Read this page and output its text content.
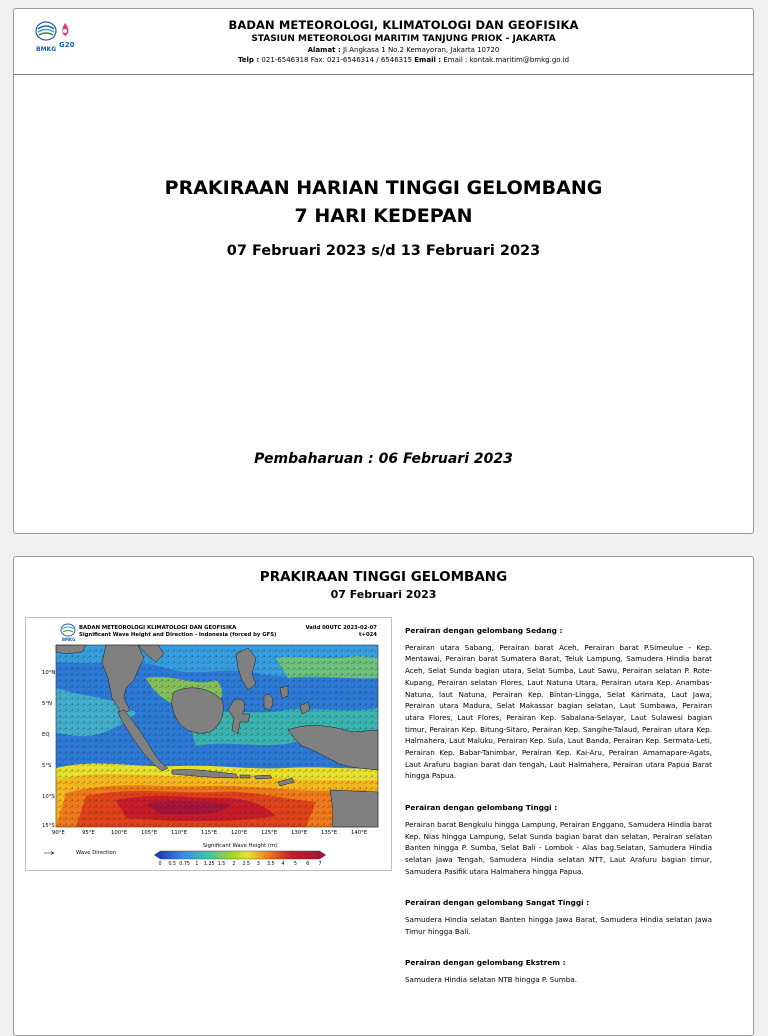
BMKG
G20
BADAN METEOROLOGI, KLIMATOLOGI DAN GEOFISIKA
STASIUN METEOROLOGI MARITIM TANJUNG PRIOK - JAKARTA
Alamat : Jl Angkasa 1 No.2 Kemayoran, Jakarta 10720
Telp : 021-6546318 Fax. 021-6546314 / 6546315 Email : Email : kontak.maritim@bmkg.go.id
PRAKIRAAN HARIAN TINGGI GELOMBANG
7 HARI KEDEPAN
07 Februari 2023 s/d 13 Februari 2023
Pembaharuan : 06 Februari 2023
PRAKIRAAN TINGGI GELOMBANG
07 Februari 2023
BMKG
BADAN METEOROLOGI KLIMATOLOGI DAN GEOFISIKA
Significant Wave Height and Direction - Indonesia (forced by GFS)
Valid 00UTC 2023-02-07
t+024
10°N
5°N
EQ
5°S
10°S
15°S
90°E	95°E	100°E	105°E	110°E	115°E	120°E	125°E	130°E	135°E	140°E
Wave Direction
Significant Wave Height (m)
0 0.5 0.75 1 1.25 1.5 2 2.5 3 3.5 4 5 6 7
Perairan dengan gelombang Sedang :

Perairan utara Sabang, Perairan barat Aceh, Perairan barat P.Simeulue - Kep. Mentawai, Perairan barat Sumatera Barat, Teluk Lampung, Samudera Hindia barat Aceh, Selat Sunda bagian utara, Selat Sumba, Laut Sawu, Perairan selatan P. Rote-Kupang, Perairan selatan Flores, Laut Natuna Utara, Perairan utara Kep. Anambas-Natuna, laut Natuna, Perairan Kep. Bintan-Lingga, Selat Karimata, Laut Jawa, Perairan utara Madura, Selat Makassar bagian selatan, Laut Sumbawa, Perairan utara Flores, Laut Flores, Perairan Kep. Sabalana-Selayar, Laut Sulawesi bagian timur, Perairan Kep. Bitung-Sitaro, Perairan Kep. Sangihe-Talaud, Perairan utara Kep. Halmahera, Laut Maluku, Perairan Kep. Sula, Laut Banda, Perairan Kep. Sermata-Leti, Perairan Kep. Babar-Tanimbar, Perairan Kep. Kai-Aru, Perairan Amamapare-Agats, Laut Arafuru bagian barat dan tengah, Laut Halmahera, Perairan utara Papua Barat hingga Papua.

Perairan dengan gelombang Tinggi :

Perairan barat Bengkulu hingga Lampung, Perairan Enggano, Samudera Hindia barat Kep. Nias hingga Lampung, Selat Sunda bagian barat dan selatan, Perairan selatan Banten hingga P. Sumba, Selat Bali - Lombok - Alas bag.Selatan, Samudera Hindia selatan Jawa Tengah, Samudera Hindia selatan NTT, Laut Arafuru bagian timur, Samudera Pasifik utara Halmahera hingga Papua.

Perairan dengan gelombang Sangat Tinggi :

Samudera Hindia selatan Banten hingga Jawa Barat, Samudera Hindia selatan Jawa Timur hingga Bali.

Perairan dengan gelombang Ekstrem :

Samudera Hindia selatan NTB hingga P. Sumba.
